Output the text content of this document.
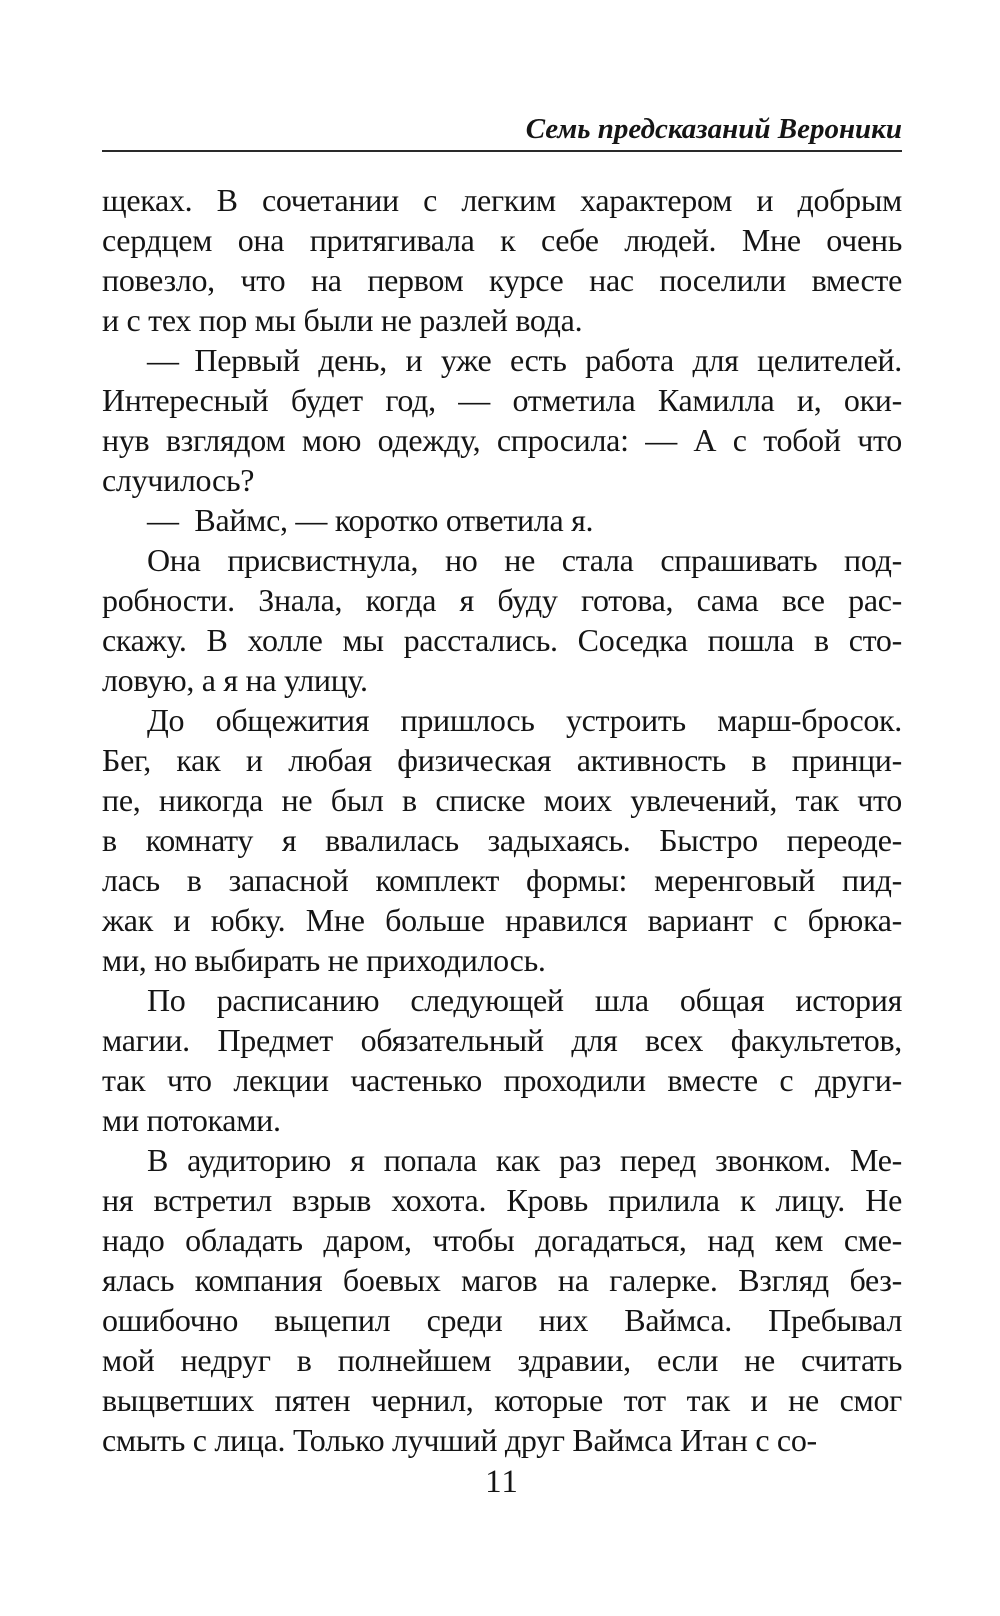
Семь предсказаний Вероники
щеках. В сочетании с легким характером и добрым
сердцем она притягивала к себе людей. Мне очень
повезло, что на первом курсе нас поселили вместе
и с тех пор мы были не разлей вода.
— Первый день, и уже есть работа для целителей.
Интересный будет год, — отметила Камилла и, оки-
нув взглядом мою одежду, спросила: — А с тобой что
случилось?
— Ваймс, — коротко ответила я.
Она присвистнула, но не стала спрашивать под-
робности. Знала, когда я буду готова, сама все рас-
скажу. В холле мы расстались. Соседка пошла в сто-
ловую, а я на улицу.
До общежития пришлось устроить марш-бросок.
Бег, как и любая физическая активность в принци-
пе, никогда не был в списке моих увлечений, так что
в комнату я ввалилась задыхаясь. Быстро переоде-
лась в запасной комплект формы: меренговый пид-
жак и юбку. Мне больше нравился вариант с брюка-
ми, но выбирать не приходилось.
По расписанию следующей шла общая история
магии. Предмет обязательный для всех факультетов,
так что лекции частенько проходили вместе с други-
ми потоками.
В аудиторию я попала как раз перед звонком. Ме-
ня встретил взрыв хохота. Кровь прилила к лицу. Не
надо обладать даром, чтобы догадаться, над кем сме-
ялась компания боевых магов на галерке. Взгляд без-
ошибочно выцепил среди них Ваймса. Пребывал
мой недруг в полнейшем здравии, если не считать
выцветших пятен чернил, которые тот так и не смог
смыть с лица. Только лучший друг Ваймса Итан с со-
11
